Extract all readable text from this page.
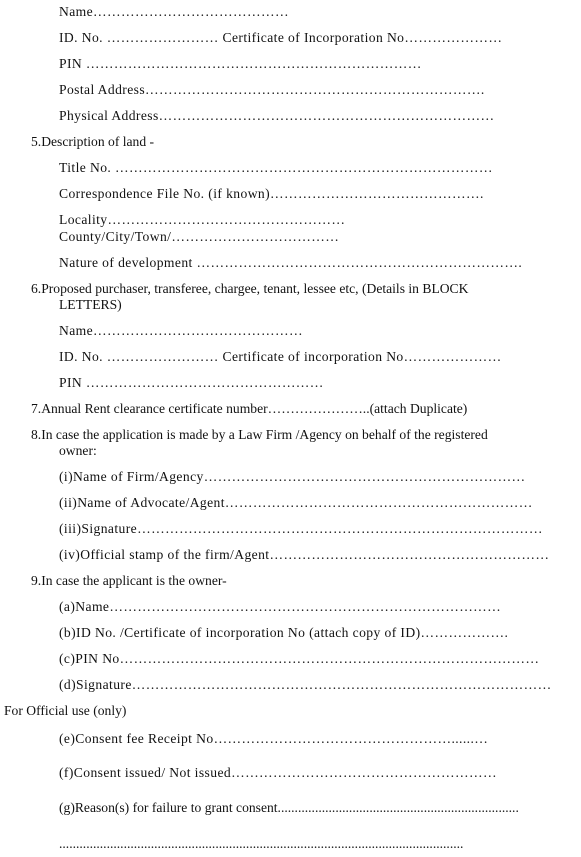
Name……………………………………
ID. No. …………………… Certificate of Incorporation No…………………
PIN ………………………………………………………………
Postal Address……………………………………………………………….
Physical Address………………………………………………………………
5.Description of land -
Title No. ………………………………………………………………………
Correspondence File No. (if known)……………………………………….
Locality……………………………………………
County/City/Town/………………………………
Nature of development …………………………………………………………….
6.Proposed purchaser, transferee, chargee, tenant, lessee etc, (Details in BLOCK
LETTERS)
Name………………………………………
ID. No. …………………… Certificate of incorporation No…………………
PIN ……………………………………………
7.Annual Rent clearance certificate number…………………..(attach Duplicate)
8.In case the application is made by a Law Firm /Agency on behalf of the registered
owner:
(i)Name of Firm/Agency……………………………………………………………
(ii)Name of Advocate/Agent…………………………………………………………
(iii)Signature……………………………………………………………………………
(iv)Official stamp of the firm/Agent……………………………………………………
9.In case the applicant is the owner-
(a)Name…………………………………………………………………………
(b)ID No. /Certificate of incorporation No (attach copy of ID)……………….
(c)PIN No………………………………………………………………………………
(d)Signature………………………………………………………………………………
For Official use (only)
(e)Consent fee Receipt No……………………………………………......…
(f)Consent issued/ Not issued…………………………………………………
(g)Reason(s) for failure to grant consent.......................................................................
.......................................................................................................................
